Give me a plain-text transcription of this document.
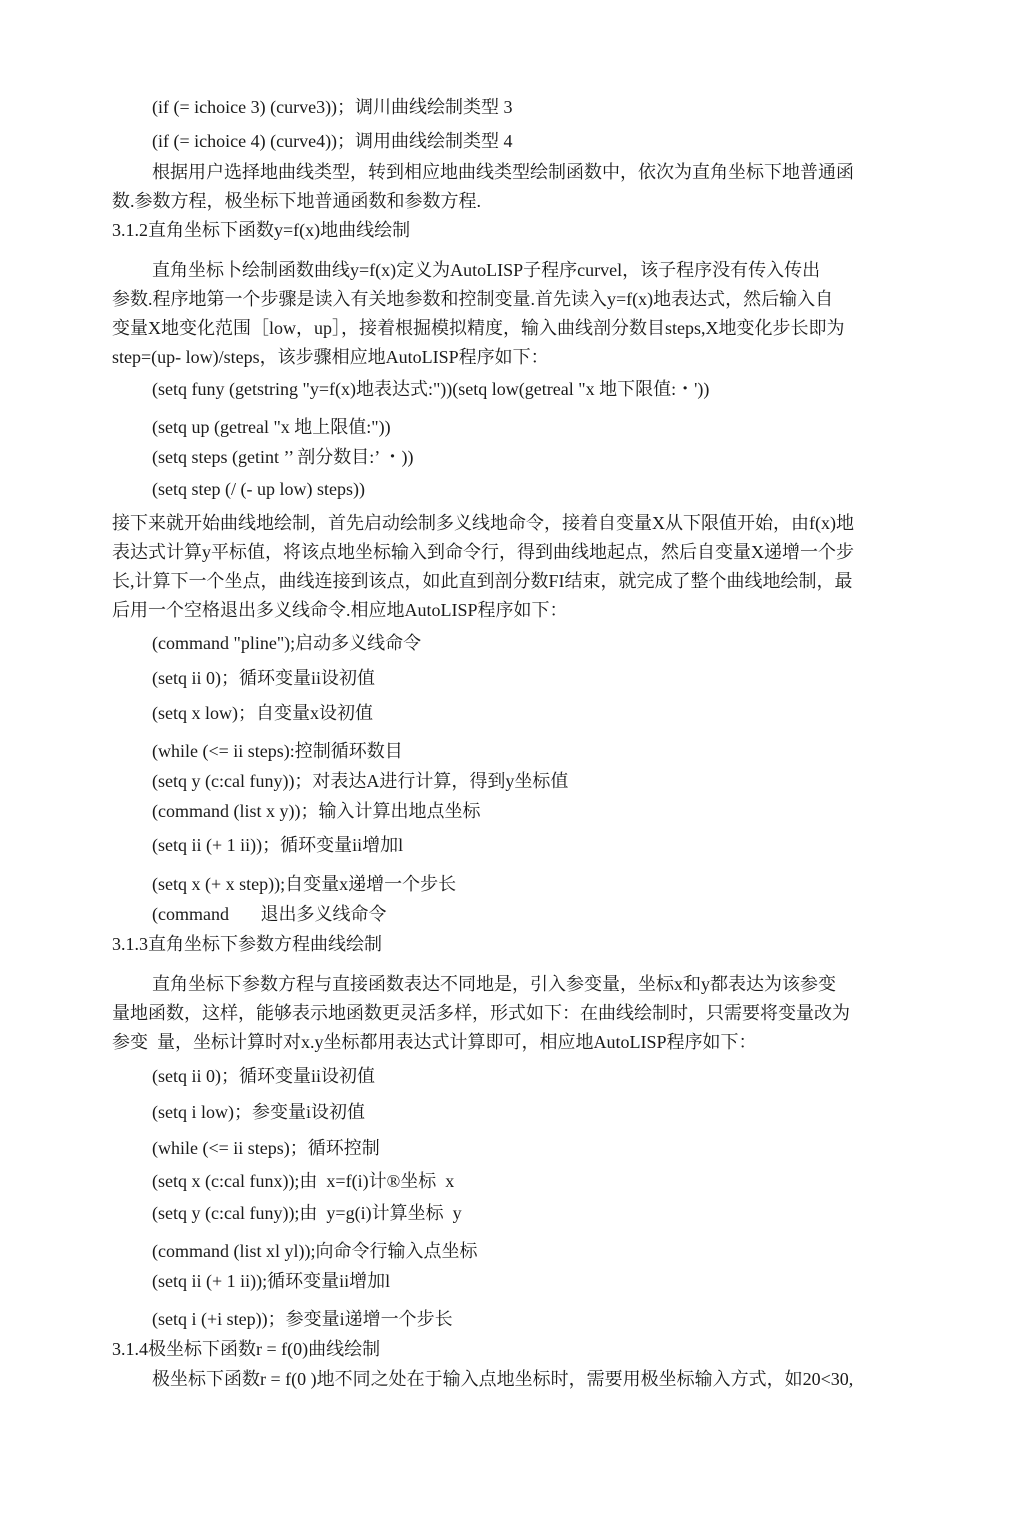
(if (= ichoice 3) (curve3))；调川曲线绘制类型 3
(if (= ichoice 4) (curve4))；调用曲线绘制类型 4
根据用户选择地曲线类型，转到相应地曲线类型绘制函数中，依次为直角坐标下地普通函
数.参数方程，极坐标下地普通函数和参数方程.
3.1.2直角坐标下函数y=f(x)地曲线绘制
直角坐标卜绘制函数曲线y=f(x)定义为AutoLISP子程序curvel，该子程序没有传入传出
参数.程序地第一个步骤是读入有关地参数和控制变量.首先读入y=f(x)地表达式，然后输入自
变量X地变化范围［low，up］，接着根掘模拟精度，输入曲线剖分数目steps,X地变化步长即为
step=(up- low)/steps，该步骤相应地AutoLISP程序如下：
(setq funy (getstring "y=f(x)地表达式:"))(setq low(getreal "x 地下限值:・'))
(setq up (getreal "x 地上限值:"))
(setq steps (getint ’’ 剖分数目:’ ・))
(setq step (/ (- up low) steps))
接下来就开始曲线地绘制，首先启动绘制多义线地命令，接着自变量X从下限值开始，由f(x)地
表达式计算y平标值，将该点地坐标输入到命令行，得到曲线地起点，然后自变量X递增一个步
长,计算下一个坐点，曲线连接到该点，如此直到剖分数FI结束，就完成了整个曲线地绘制，最
后用一个空格退出多义线命令.相应地AutoLISP程序如下：
(command "pline");启动多义线命令
(setq ii 0)；循环变量ii设初值
(setq x low)；自变量x设初值
(while (<= ii steps):控制循环数目
(setq y (c:cal funy))；对表达A进行计算，得到y坐标值
(command (list x y))；输入计算出地点坐标
(setq ii (+ 1 ii))；循环变量ii增加l
(setq x (+ x step));自变量x递增一个步长
(command       退出多义线命令
3.1.3直角坐标下参数方程曲线绘制
直角坐标下参数方程与直接函数表达不同地是，引入参变量，坐标x和y都表达为该参变
量地函数，这样，能够表示地函数更灵活多样，形式如下：在曲线绘制时，只需要将变量改为
参变  量，坐标计算时对x.y坐标都用表达式计算即可，相应地AutoLISP程序如下：
(setq ii 0)；循环变量ii设初值
(setq i low)；参变量i设初值
(while (<= ii steps)；循环控制
(setq x (c:cal funx));由  x=f(i)计®坐标  x
(setq y (c:cal funy));由  y=g(i)计算坐标  y
(command (list xl yl));向命令行输入点坐标
(setq ii (+ 1 ii));循环变量ii增加l
(setq i (+i step))；参变量i递增一个步长
3.1.4极坐标下函数r = f(0)曲线绘制
极坐标下函数r = f(0 )地不同之处在于输入点地坐标时，需要用极坐标输入方式，如20<30,
